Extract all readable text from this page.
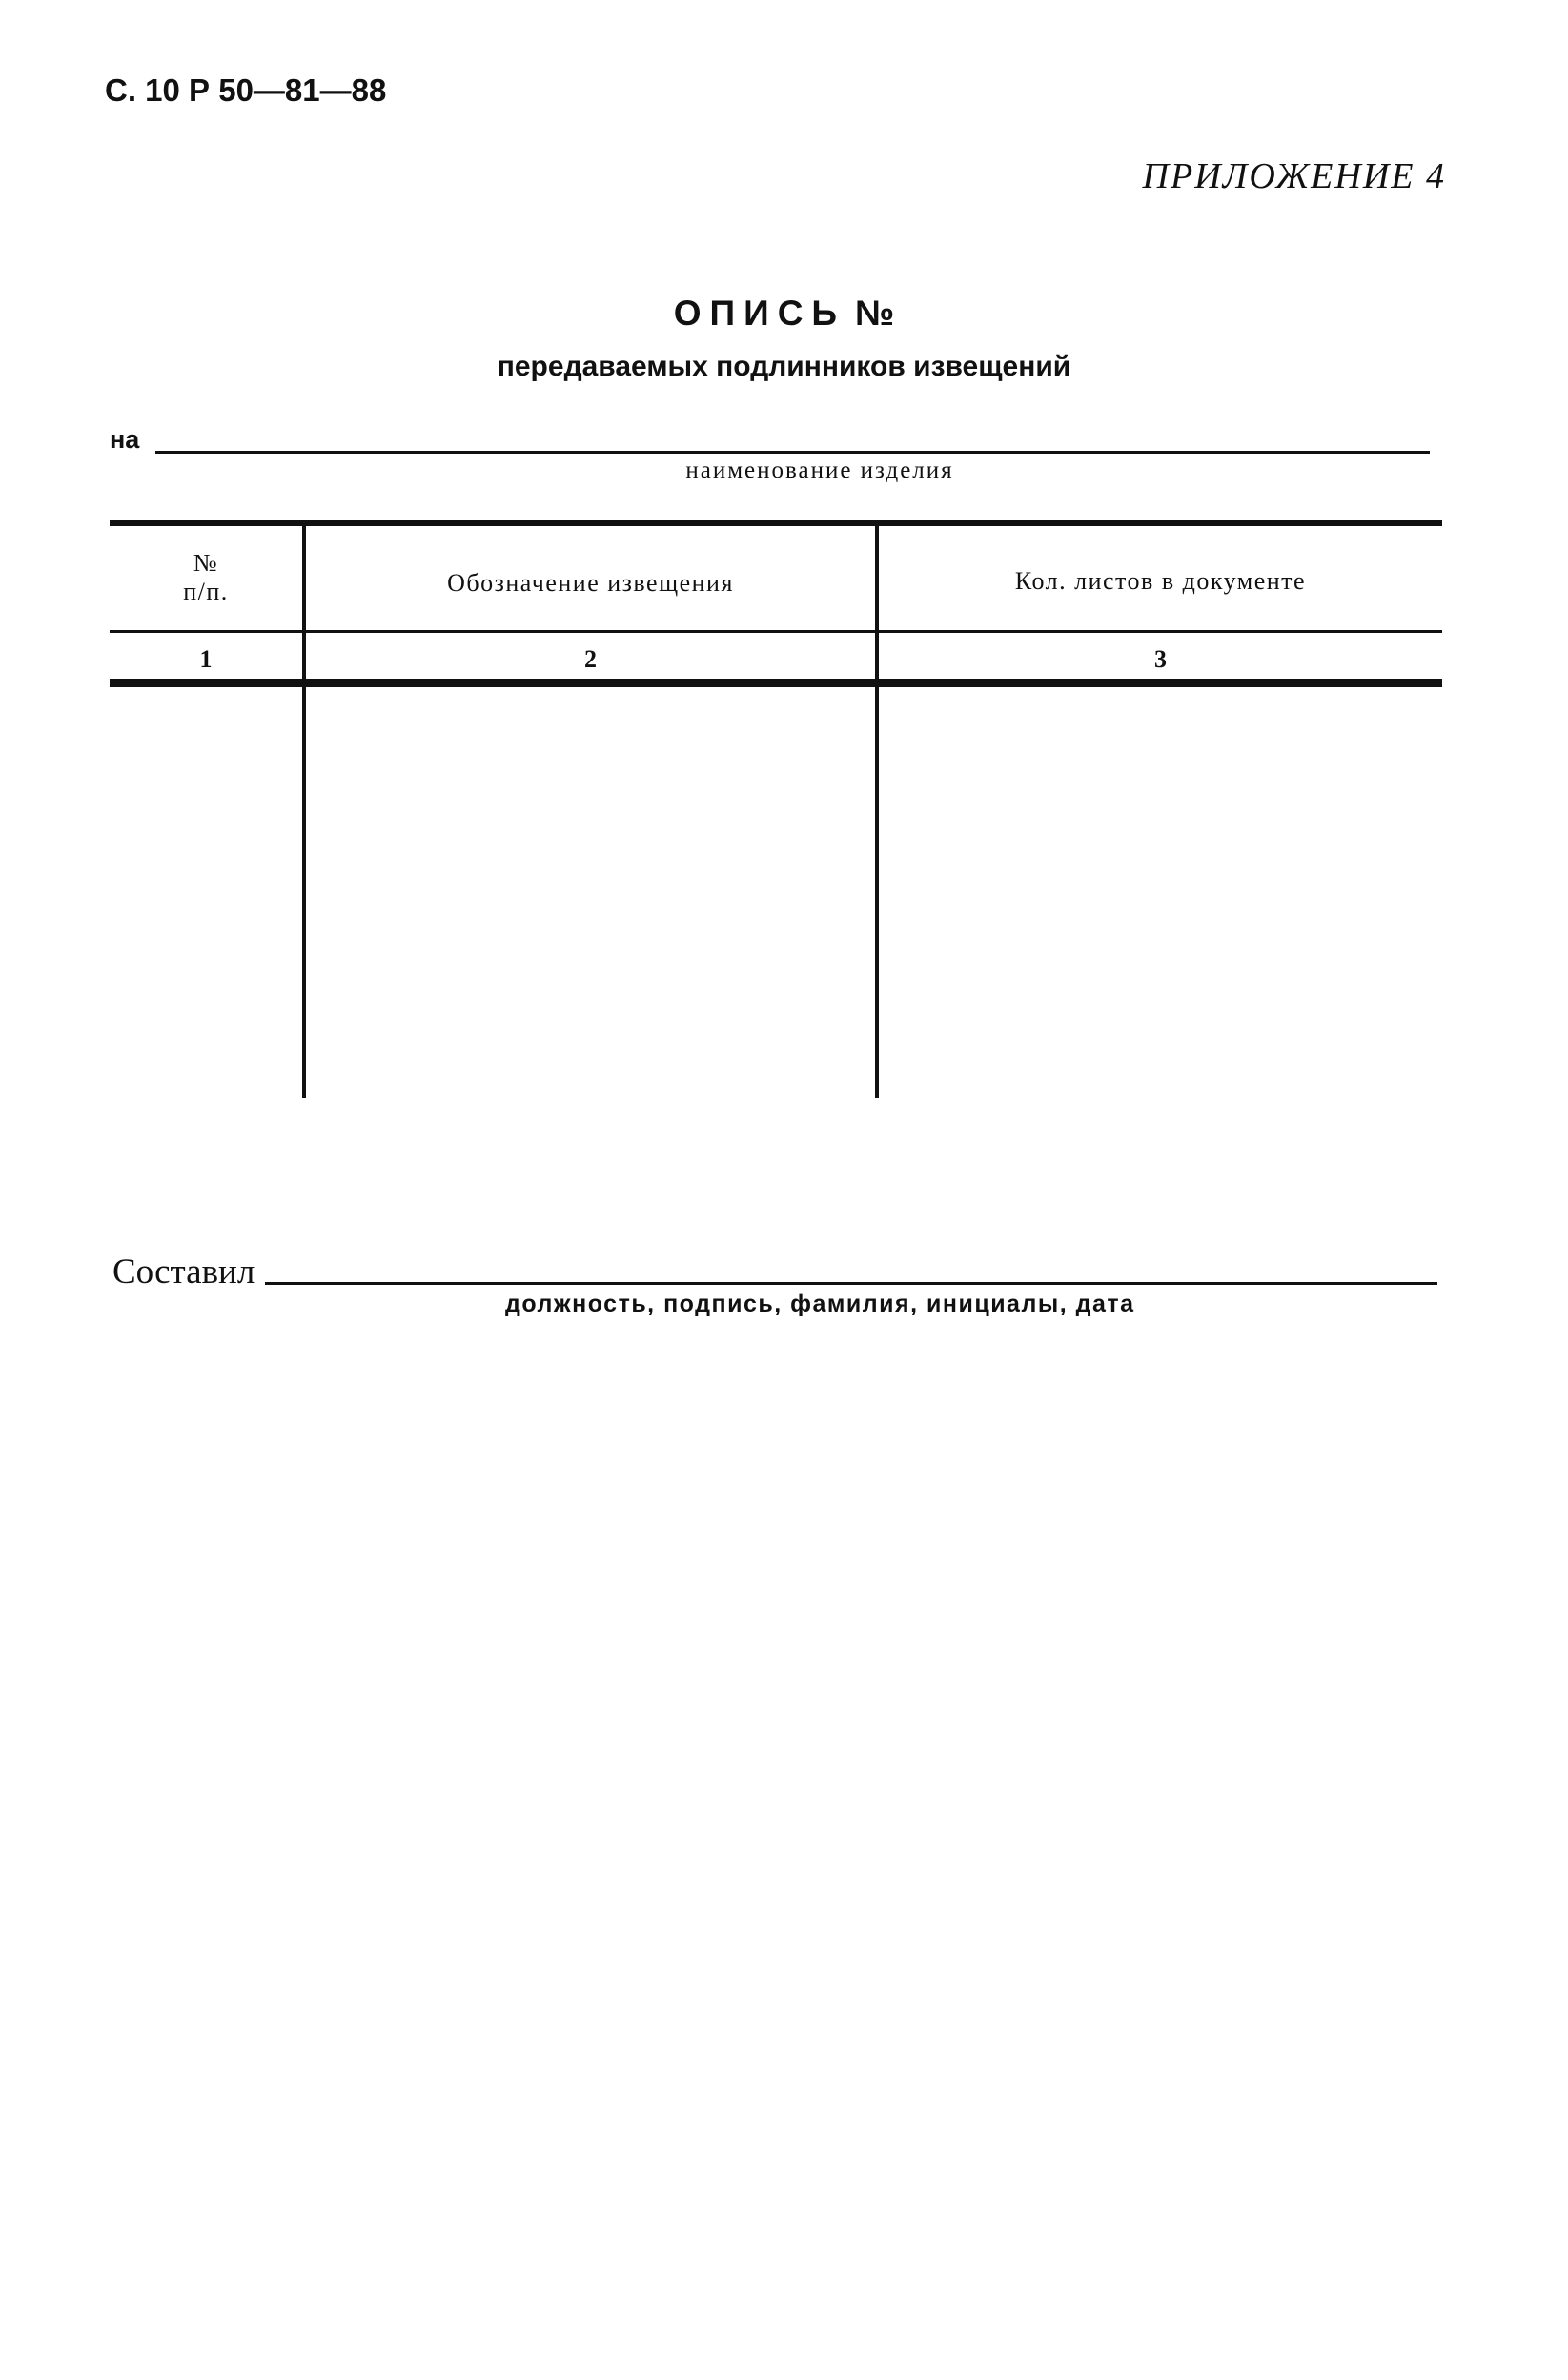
С. 10 Р 50—81—88
ПРИЛОЖЕНИЕ 4
ОПИСЬ №
передаваемых подлинников извещений
на
наименование изделия
№
п/п.	Обозначение извещения	Кол. листов в документе
1	2	3
Составил
должность, подпись, фамилия, инициалы, дата
